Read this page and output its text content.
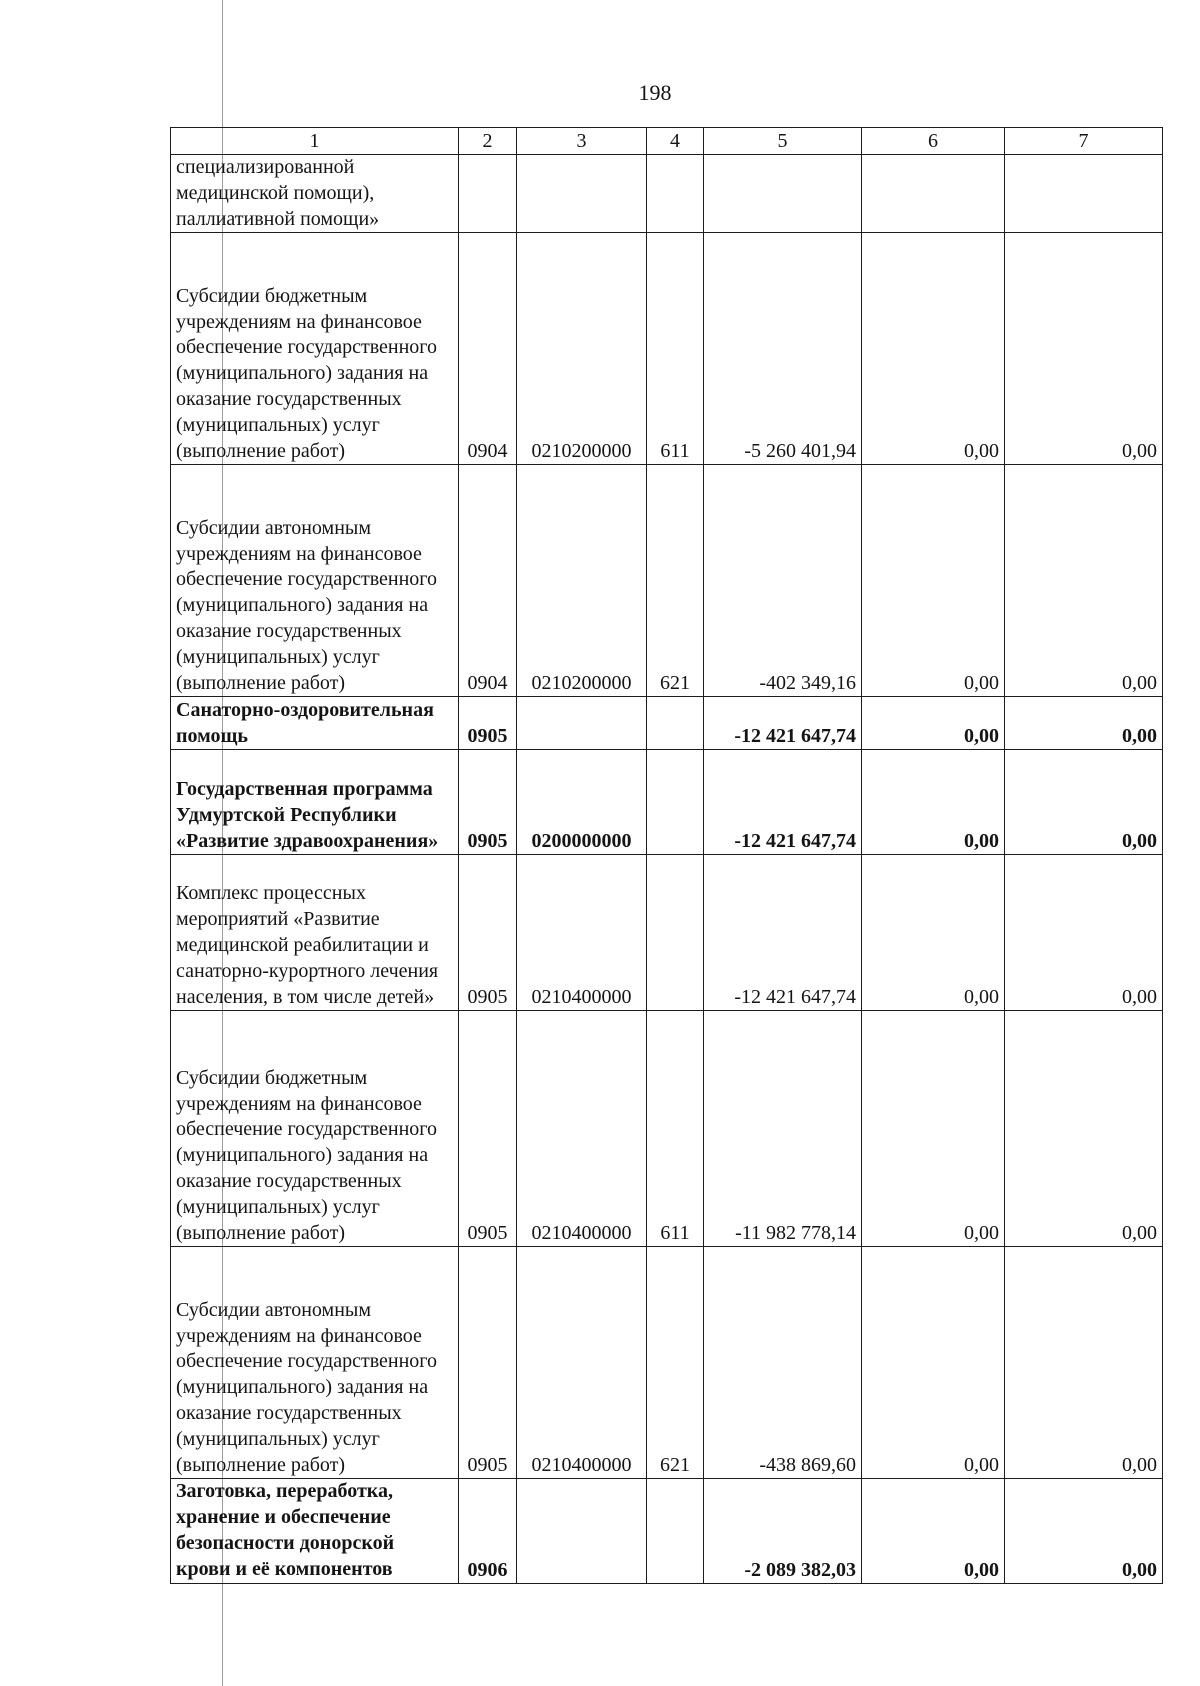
198
1	2	3	4	5	6	7
специализированной медицинской помощи), паллиативной помощи»						
Субсидии бюджетным учреждениям на финансовое обеспечение государственного (муниципального) задания на оказание государственных (муниципальных) услуг (выполнение работ)	0904	0210200000	611	-5 260 401,94	0,00	0,00
Субсидии автономным учреждениям на финансовое обеспечение государственного (муниципального) задания на оказание государственных (муниципальных) услуг (выполнение работ)	0904	0210200000	621	-402 349,16	0,00	0,00
Санаторно-оздоровительная помощь	0905			-12 421 647,74	0,00	0,00
Государственная программа Удмуртской Республики «Развитие здравоохранения»	0905	0200000000		-12 421 647,74	0,00	0,00
Комплекс процессных мероприятий «Развитие медицинской реабилитации и санаторно-курортного лечения населения, в том числе детей»	0905	0210400000		-12 421 647,74	0,00	0,00
Субсидии бюджетным учреждениям на финансовое обеспечение государственного (муниципального) задания на оказание государственных (муниципальных) услуг (выполнение работ)	0905	0210400000	611	-11 982 778,14	0,00	0,00
Субсидии автономным учреждениям на финансовое обеспечение государственного (муниципального) задания на оказание государственных (муниципальных) услуг (выполнение работ)	0905	0210400000	621	-438 869,60	0,00	0,00
Заготовка, переработка, хранение и обеспечение безопасности донорской крови и её компонентов	0906			-2 089 382,03	0,00	0,00
